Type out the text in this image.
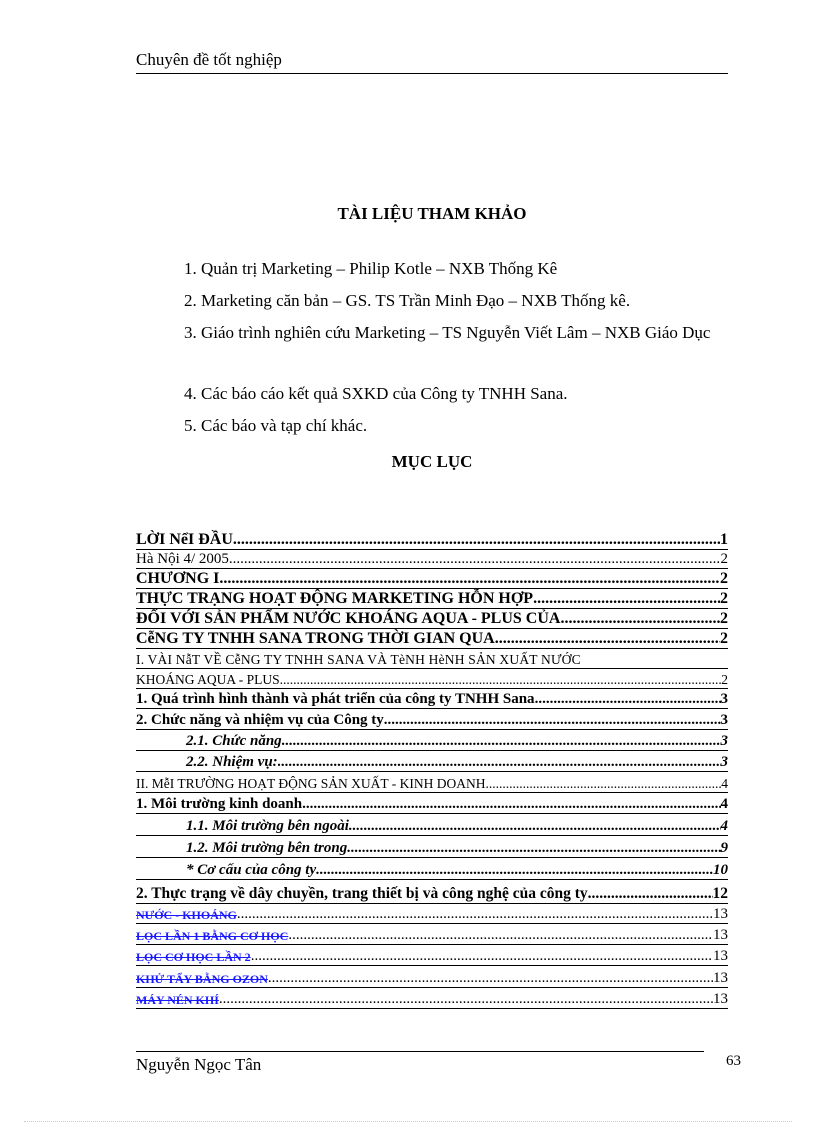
Chuyên đề tốt nghiệp
TÀI LIỆU THAM KHẢO
1. Quản trị Marketing – Philip Kotle – NXB Thống Kê
2. Marketing căn bản – GS. TS Trần Minh Đạo – NXB Thống kê.
3. Giáo trình nghiên cứu Marketing – TS Nguyễn Viết Lâm – NXB Giáo Dục
4. Các báo cáo kết quả SXKD của Công ty TNHH Sana.
5. Các báo và tạp chí khác.
MỤC LỤC
LỜI NểI ĐẦU .....	1
Hà Nội 4/ 2005 .....	2
CHƯƠNG I .....	2
THỰC TRẠNG HOẠT ĐỘNG MARKETING HỖN HỢP .....	2
ĐỐI VỚI SẢN PHẨM NƯỚC KHOÁNG AQUA - PLUS CỦA .....	2
CễNG TY TNHH SANA TRONG THỜI GIAN QUA .....	2
I. VÀI NẫT VỀ CễNG TY TNHH SANA VÀ TèNH HèNH SẢN XUẤT NƯỚC
KHOÁNG AQUA - PLUS .....	2
1. Quá trình hình thành và phát triển của công ty TNHH Sana .....	3
2. Chức năng và nhiệm vụ của Công ty .....	3
2.1. Chức năng .....	3
2.2. Nhiệm vụ: .....	3
II. MễI TRƯỜNG HOẠT ĐỘNG SẢN XUẤT - KINH DOANH .....	4
1. Môi trường kinh doanh .....	4
1.1. Môi trường bên ngoài .....	4
1.2. Môi trường bên trong .....	9
* Cơ cấu của công ty .....	10
2. Thực trạng về dây chuyền, trang thiết bị và công nghệ của công ty .....	12
NƯỚC - KHOÁNG .....	13
LỌC LẦN 1 BẰNG CƠ HỌC .....	13
LỌC CƠ HỌC LẦN 2 .....	13
KHỬ TẨY BẰNG OZON .....	13
MÁY NÉN KHÍ .....	13
Nguyễn Ngọc Tân	63
